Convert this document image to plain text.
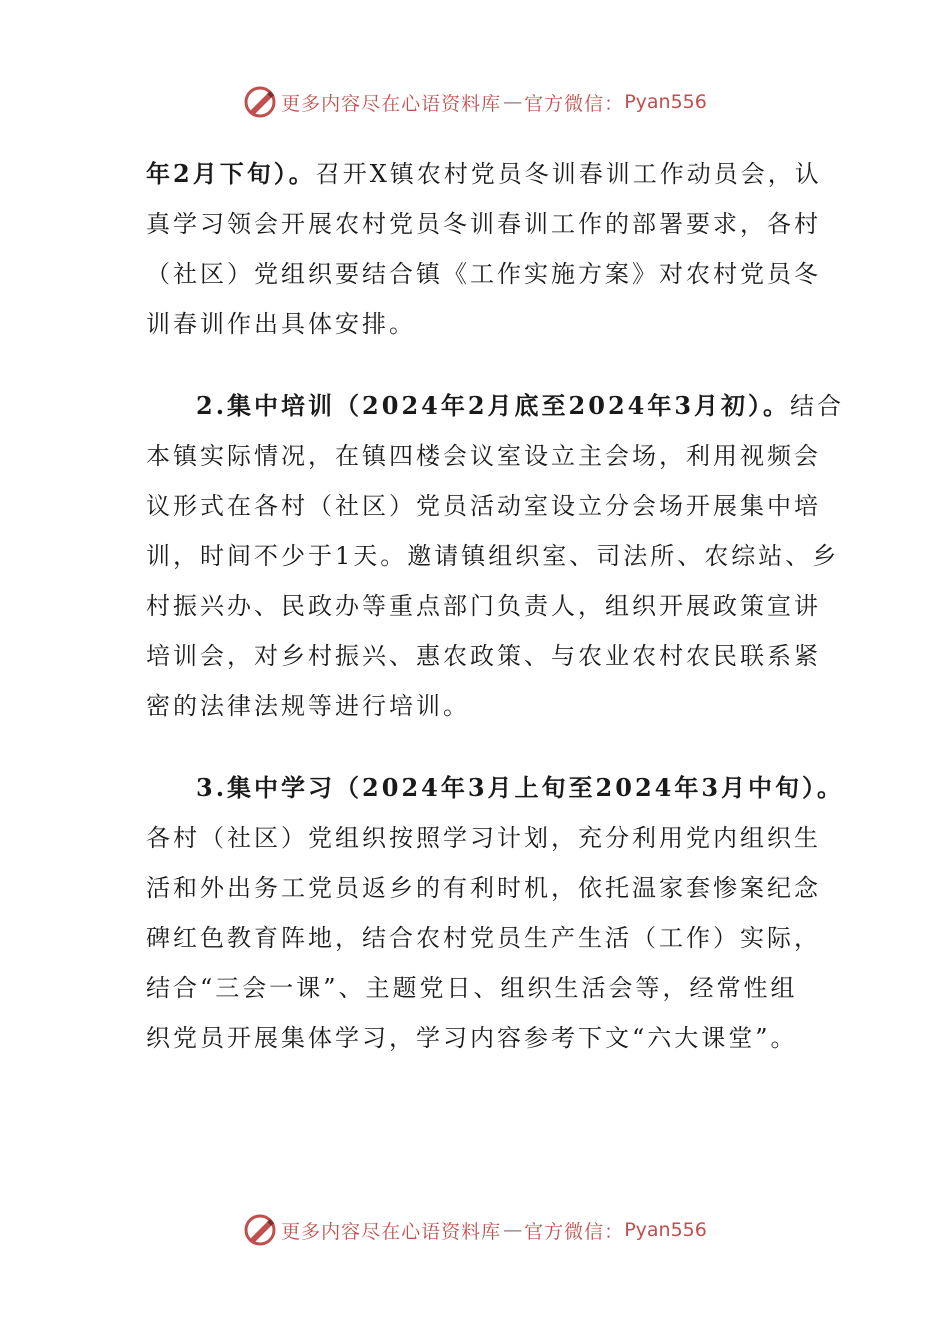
更多内容尽在心语资料库 — 官方微信： Pyan556
年2月下旬）。召开X镇农村党员冬训春训工作动员会，认
真学习领会开展农村党员冬训春训工作的部署要求，各村
（社区）党组织要结合镇《工作实施方案》对农村党员冬
训春训作出具体安排。
2.集中培训（2024年2月底至2024年3月初）。结合
本镇实际情况，在镇四楼会议室设立主会场，利用视频会
议形式在各村（社区）党员活动室设立分会场开展集中培
训，时间不少于1天。邀请镇组织室、司法所、农综站、乡
村振兴办、民政办等重点部门负责人，组织开展政策宣讲
培训会，对乡村振兴、惠农政策、与农业农村农民联系紧
密的法律法规等进行培训。
3.集中学习（2024年3月上旬至2024年3月中旬）。
各村（社区）党组织按照学习计划，充分利用党内组织生
活和外出务工党员返乡的有利时机，依托温家套惨案纪念
碑红色教育阵地，结合农村党员生产生活（工作）实际，
结合“三会一课”、主题党日、组织生活会等，经常性组
织党员开展集体学习，学习内容参考下文“六大课堂”。
更多内容尽在心语资料库 — 官方微信： Pyan556
